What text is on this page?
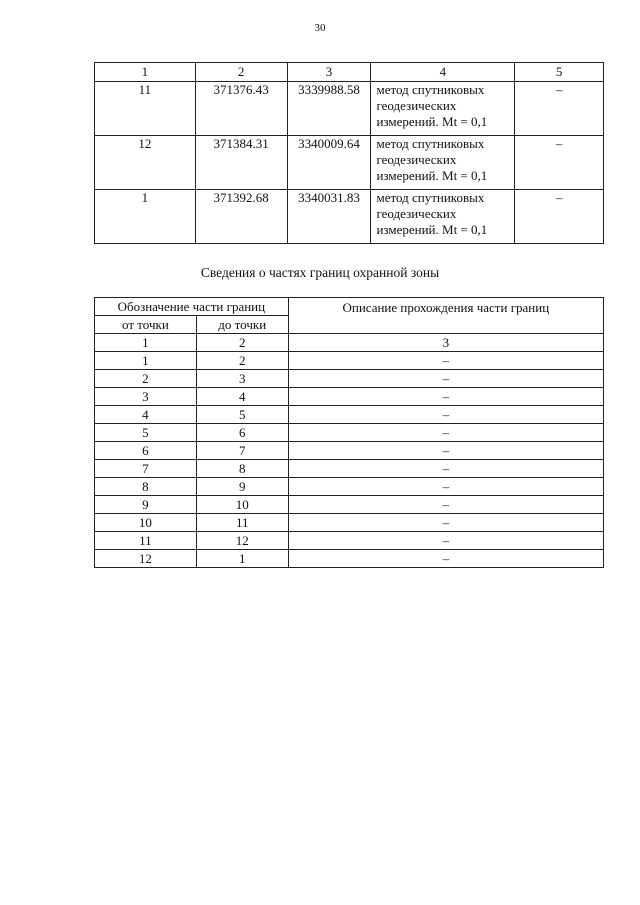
30
1	2	3	4	5
11	371376.43	3339988.58	метод спутниковых
геодезических
измерений. Mt = 0,1	–
12	371384.31	3340009.64	метод спутниковых
геодезических
измерений. Mt = 0,1	–
1	371392.68	3340031.83	метод спутниковых
геодезических
измерений. Mt = 0,1	–
Сведения о частях границ охранной зоны
Обозначение части границ		Описание прохождения части границ
от точки	до точки	
1	2	3
1	2	–
2	3	–
3	4	–
4	5	–
5	6	–
6	7	–
7	8	–
8	9	–
9	10	–
10	11	–
11	12	–
12	1	–
